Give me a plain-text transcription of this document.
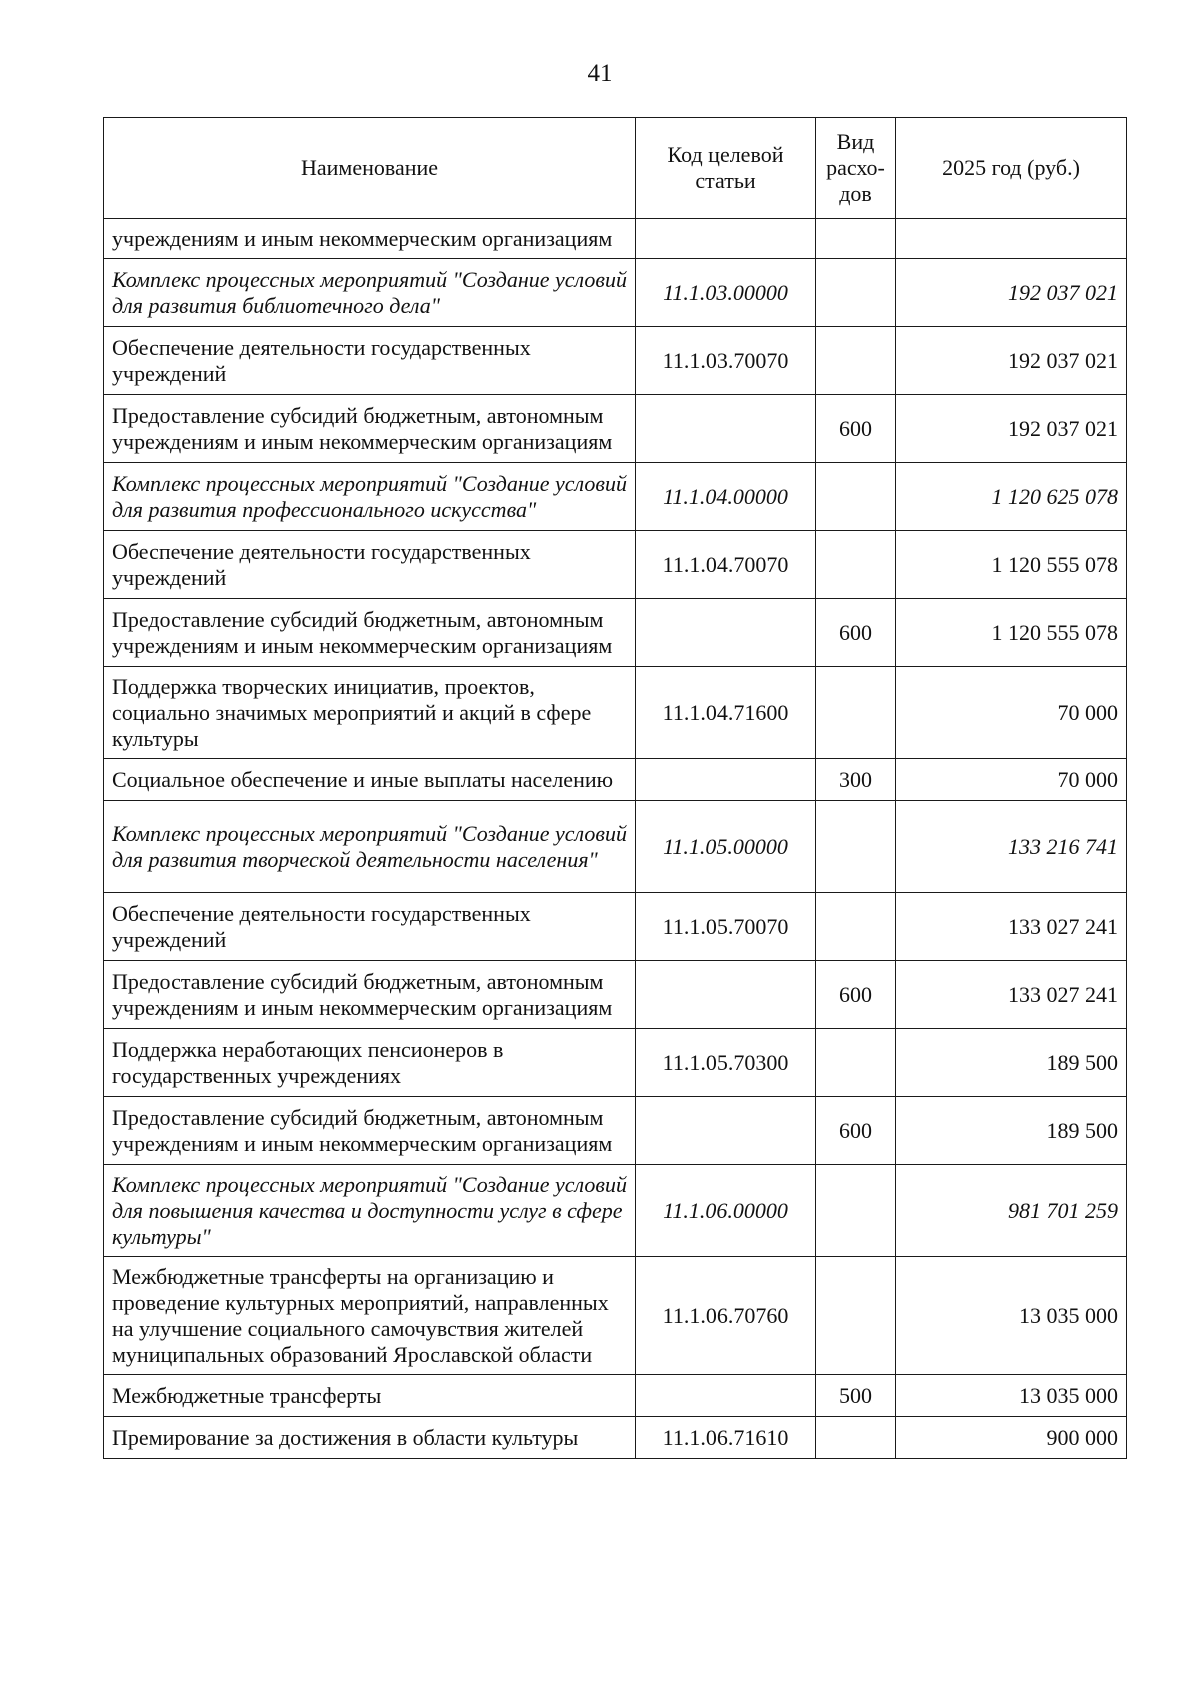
41
Наименование	Код целевой статьи	Вид расхо-дов	2025 год (руб.)
учреждениям и иным некоммерческим организациям			
Комплекс процессных мероприятий "Создание условий для развития библиотечного дела"	11.1.03.00000		192 037 021
Обеспечение деятельности государственных учреждений	11.1.03.70070		192 037 021
Предоставление субсидий бюджетным, автономным учреждениям и иным некоммерческим организациям		600	192 037 021
Комплекс процессных мероприятий "Создание условий для развития профессионального искусства"	11.1.04.00000		1 120 625 078
Обеспечение деятельности государственных учреждений	11.1.04.70070		1 120 555 078
Предоставление субсидий бюджетным, автономным учреждениям и иным некоммерческим организациям		600	1 120 555 078
Поддержка творческих инициатив, проектов, социально значимых мероприятий и акций в сфере культуры	11.1.04.71600		70 000
Социальное обеспечение и иные выплаты населению		300	70 000
Комплекс процессных мероприятий "Создание условий для развития творческой деятельности населения"	11.1.05.00000		133 216 741
Обеспечение деятельности государственных учреждений	11.1.05.70070		133 027 241
Предоставление субсидий бюджетным, автономным учреждениям и иным некоммерческим организациям		600	133 027 241
Поддержка неработающих пенсионеров в государственных учреждениях	11.1.05.70300		189 500
Предоставление субсидий бюджетным, автономным учреждениям и иным некоммерческим организациям		600	189 500
Комплекс процессных мероприятий "Создание условий для повышения качества и доступности услуг в сфере культуры"	11.1.06.00000		981 701 259
Межбюджетные трансферты на организацию и проведение культурных мероприятий, направленных на улучшение социального самочувствия жителей муниципальных образований Ярославской области	11.1.06.70760		13 035 000
Межбюджетные трансферты		500	13 035 000
Премирование за достижения в области культуры	11.1.06.71610		900 000
